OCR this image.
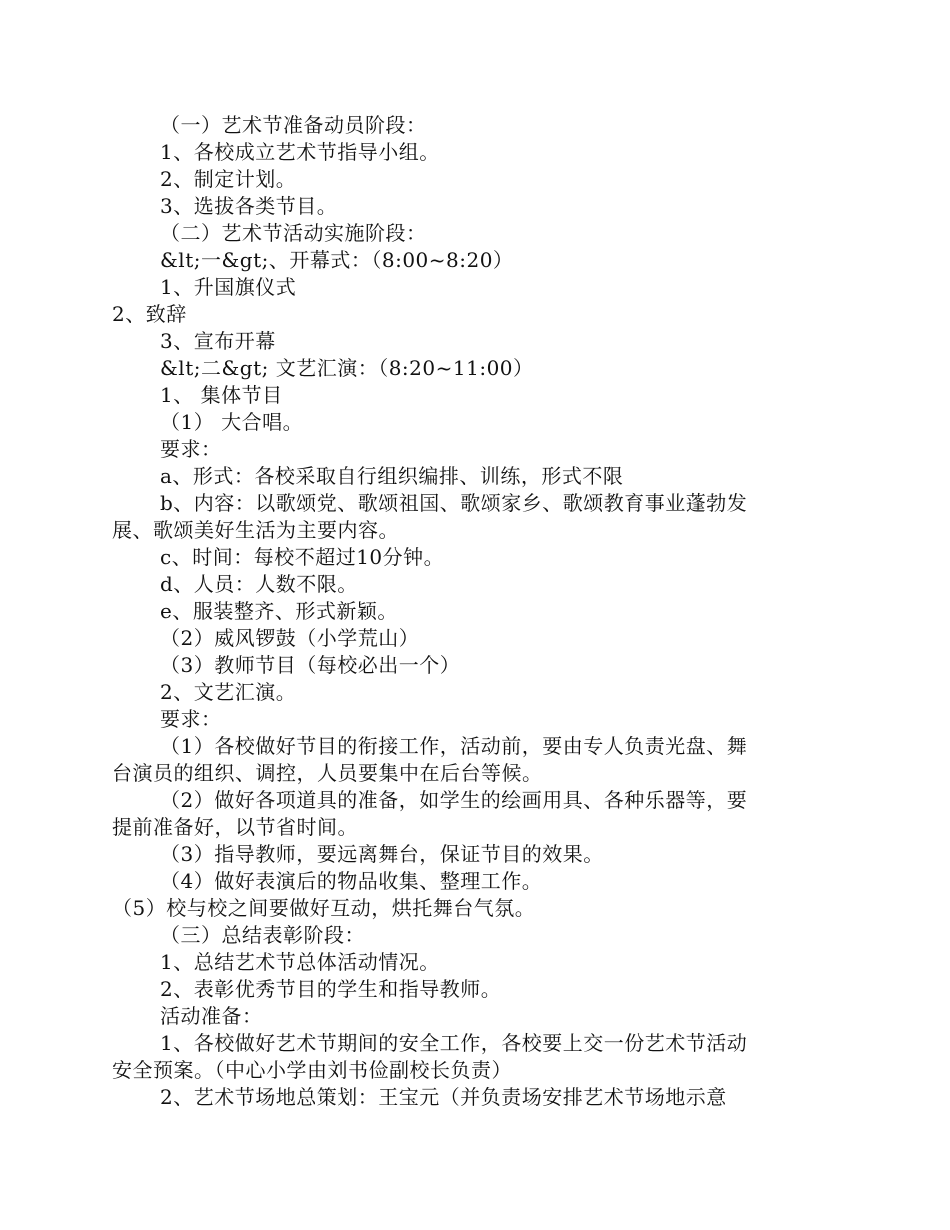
（一）艺术节准备动员阶段：
1、各校成立艺术节指导小组。
2、制定计划。
3、选拔各类节目。
（二）艺术节活动实施阶段：
&lt;一&gt;、开幕式：（8:00~8:20）
1、升国旗仪式
2、致辞
3、宣布开幕
&lt;二&gt; 文艺汇演：（8:20~11:00）
1、 集体节目
（1） 大合唱。
要求：
a、形式：各校采取自行组织编排、训练，形式不限
b、内容：以歌颂党、歌颂祖国、歌颂家乡、歌颂教育事业蓬勃发
展、歌颂美好生活为主要内容。
c、时间：每校不超过10分钟。
d、人员：人数不限。
e、服装整齐、形式新颖。
（2）威风锣鼓（小学荒山）
（3）教师节目（每校必出一个）
2、文艺汇演。
要求：
（1）各校做好节目的衔接工作，活动前，要由专人负责光盘、舞
台演员的组织、调控，人员要集中在后台等候。
（2）做好各项道具的准备，如学生的绘画用具、各种乐器等，要
提前准备好，以节省时间。
（3）指导教师，要远离舞台，保证节目的效果。
（4）做好表演后的物品收集、整理工作。
（5）校与校之间要做好互动，烘托舞台气氛。
（三）总结表彰阶段：
1、总结艺术节总体活动情况。
2、表彰优秀节目的学生和指导教师。
活动准备：
1、各校做好艺术节期间的安全工作，各校要上交一份艺术节活动
安全预案。（中心小学由刘书俭副校长负责）
2、艺术节场地总策划：王宝元（并负责场安排艺术节场地示意
